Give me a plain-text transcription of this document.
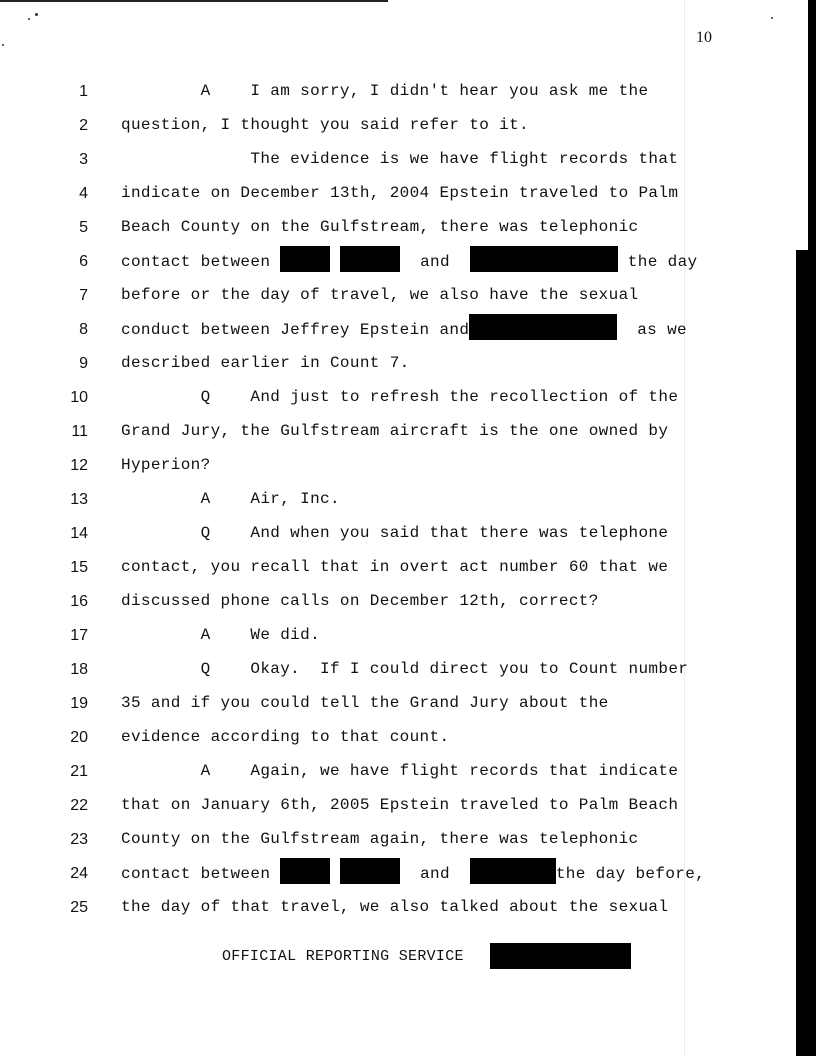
10
1 A    I am sorry, I didn't hear you ask me the
2 question, I thought you said refer to it.
3 The evidence is we have flight records that
4 indicate on December 13th, 2004 Epstein traveled to Palm
5 Beach County on the Gulfstream, there was telephonic
6 contact between	and	the day
7 before or the day of travel, we also have the sexual
8 conduct between Jeffrey Epstein and	as we
9 described earlier in Count 7.
10 Q    And just to refresh the recollection of the
11 Grand Jury, the Gulfstream aircraft is the one owned by
12 Hyperion?
13 A    Air, Inc.
14 Q    And when you said that there was telephone
15 contact, you recall that in overt act number 60 that we
16 discussed phone calls on December 12th, correct?
17 A    We did.
18 Q    Okay.  If I could direct you to Count number
19 35 and if you could tell the Grand Jury about the
20 evidence according to that count.
21 A    Again, we have flight records that indicate
22 that on January 6th, 2005 Epstein traveled to Palm Beach
23 County on the Gulfstream again, there was telephonic
24 contact between	and	the day before,
25 the day of that travel, we also talked about the sexual
OFFICIAL REPORTING SERVICE
